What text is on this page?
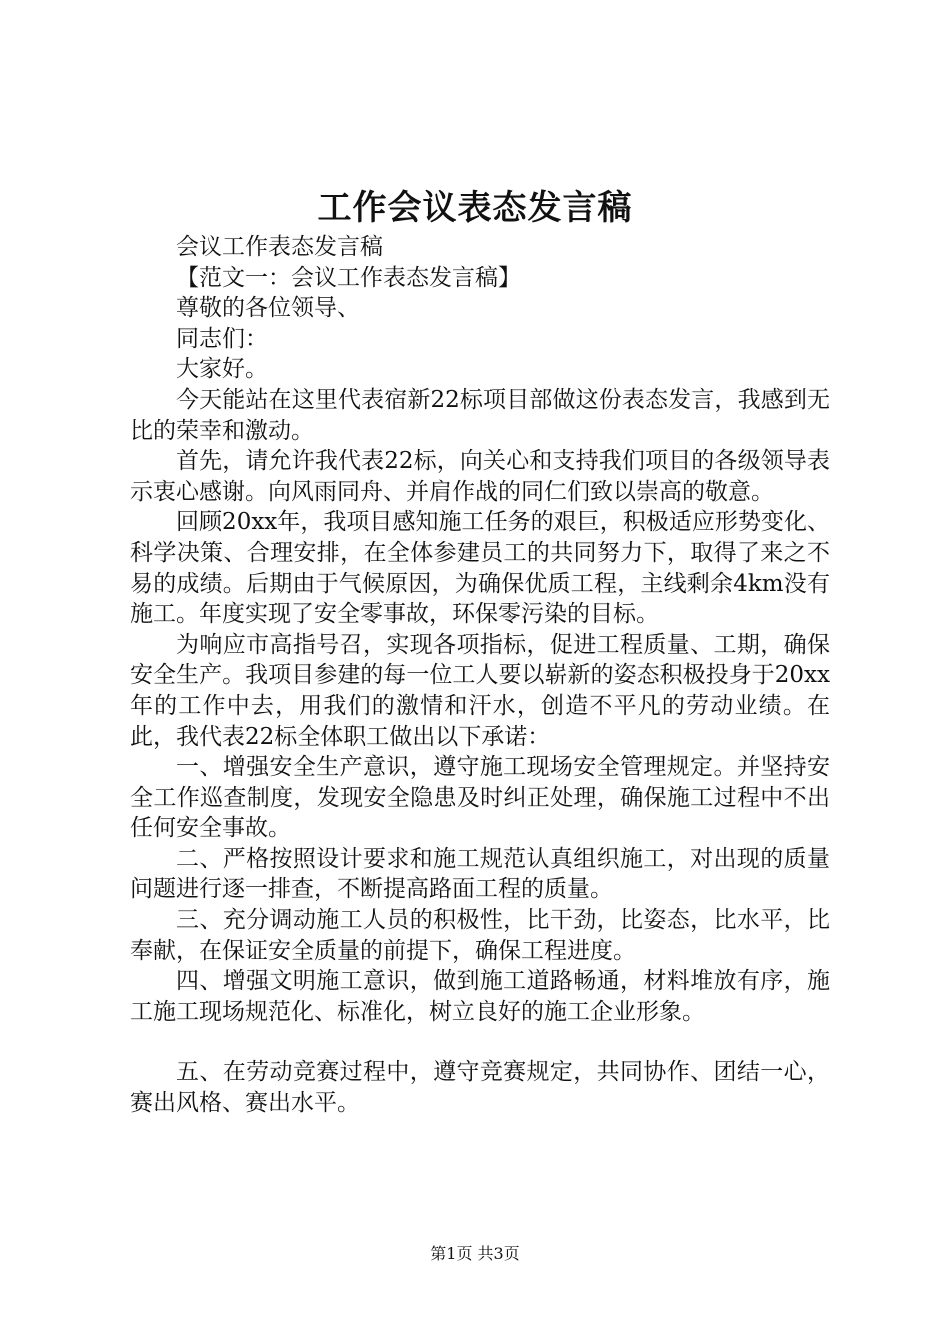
工作会议表态发言稿

会议工作表态发言稿

【范文一：会议工作表态发言稿】

尊敬的各位领导、

同志们：

大家好。

今天能站在这里代表宿新22标项目部做这份表态发言，我感到无比的荣幸和激动。

首先，请允许我代表22标，向关心和支持我们项目的各级领导表示衷心感谢。向风雨同舟、并肩作战的同仁们致以崇高的敬意。

回顾20xx年，我项目感知施工任务的艰巨，积极适应形势变化、科学决策、合理安排，在全体参建员工的共同努力下，取得了来之不易的成绩。后期由于气候原因，为确保优质工程，主线剩余4km没有施工。年度实现了安全零事故，环保零污染的目标。

为响应市高指号召，实现各项指标，促进工程质量、工期，确保安全生产。我项目参建的每一位工人要以崭新的姿态积极投身于20xx年的工作中去，用我们的激情和汗水，创造不平凡的劳动业绩。在此，我代表22标全体职工做出以下承诺：

一、增强安全生产意识，遵守施工现场安全管理规定。并坚持安全工作巡查制度，发现安全隐患及时纠正处理，确保施工过程中不出任何安全事故。

二、严格按照设计要求和施工规范认真组织施工，对出现的质量问题进行逐一排查，不断提高路面工程的质量。

三、充分调动施工人员的积极性，比干劲，比姿态，比水平，比奉献，在保证安全质量的前提下，确保工程进度。

四、增强文明施工意识，做到施工道路畅通，材料堆放有序，施工施工现场规范化、标准化，树立良好的施工企业形象。

五、在劳动竞赛过程中，遵守竞赛规定，共同协作、团结一心，赛出风格、赛出水平。

第1页 共3页
